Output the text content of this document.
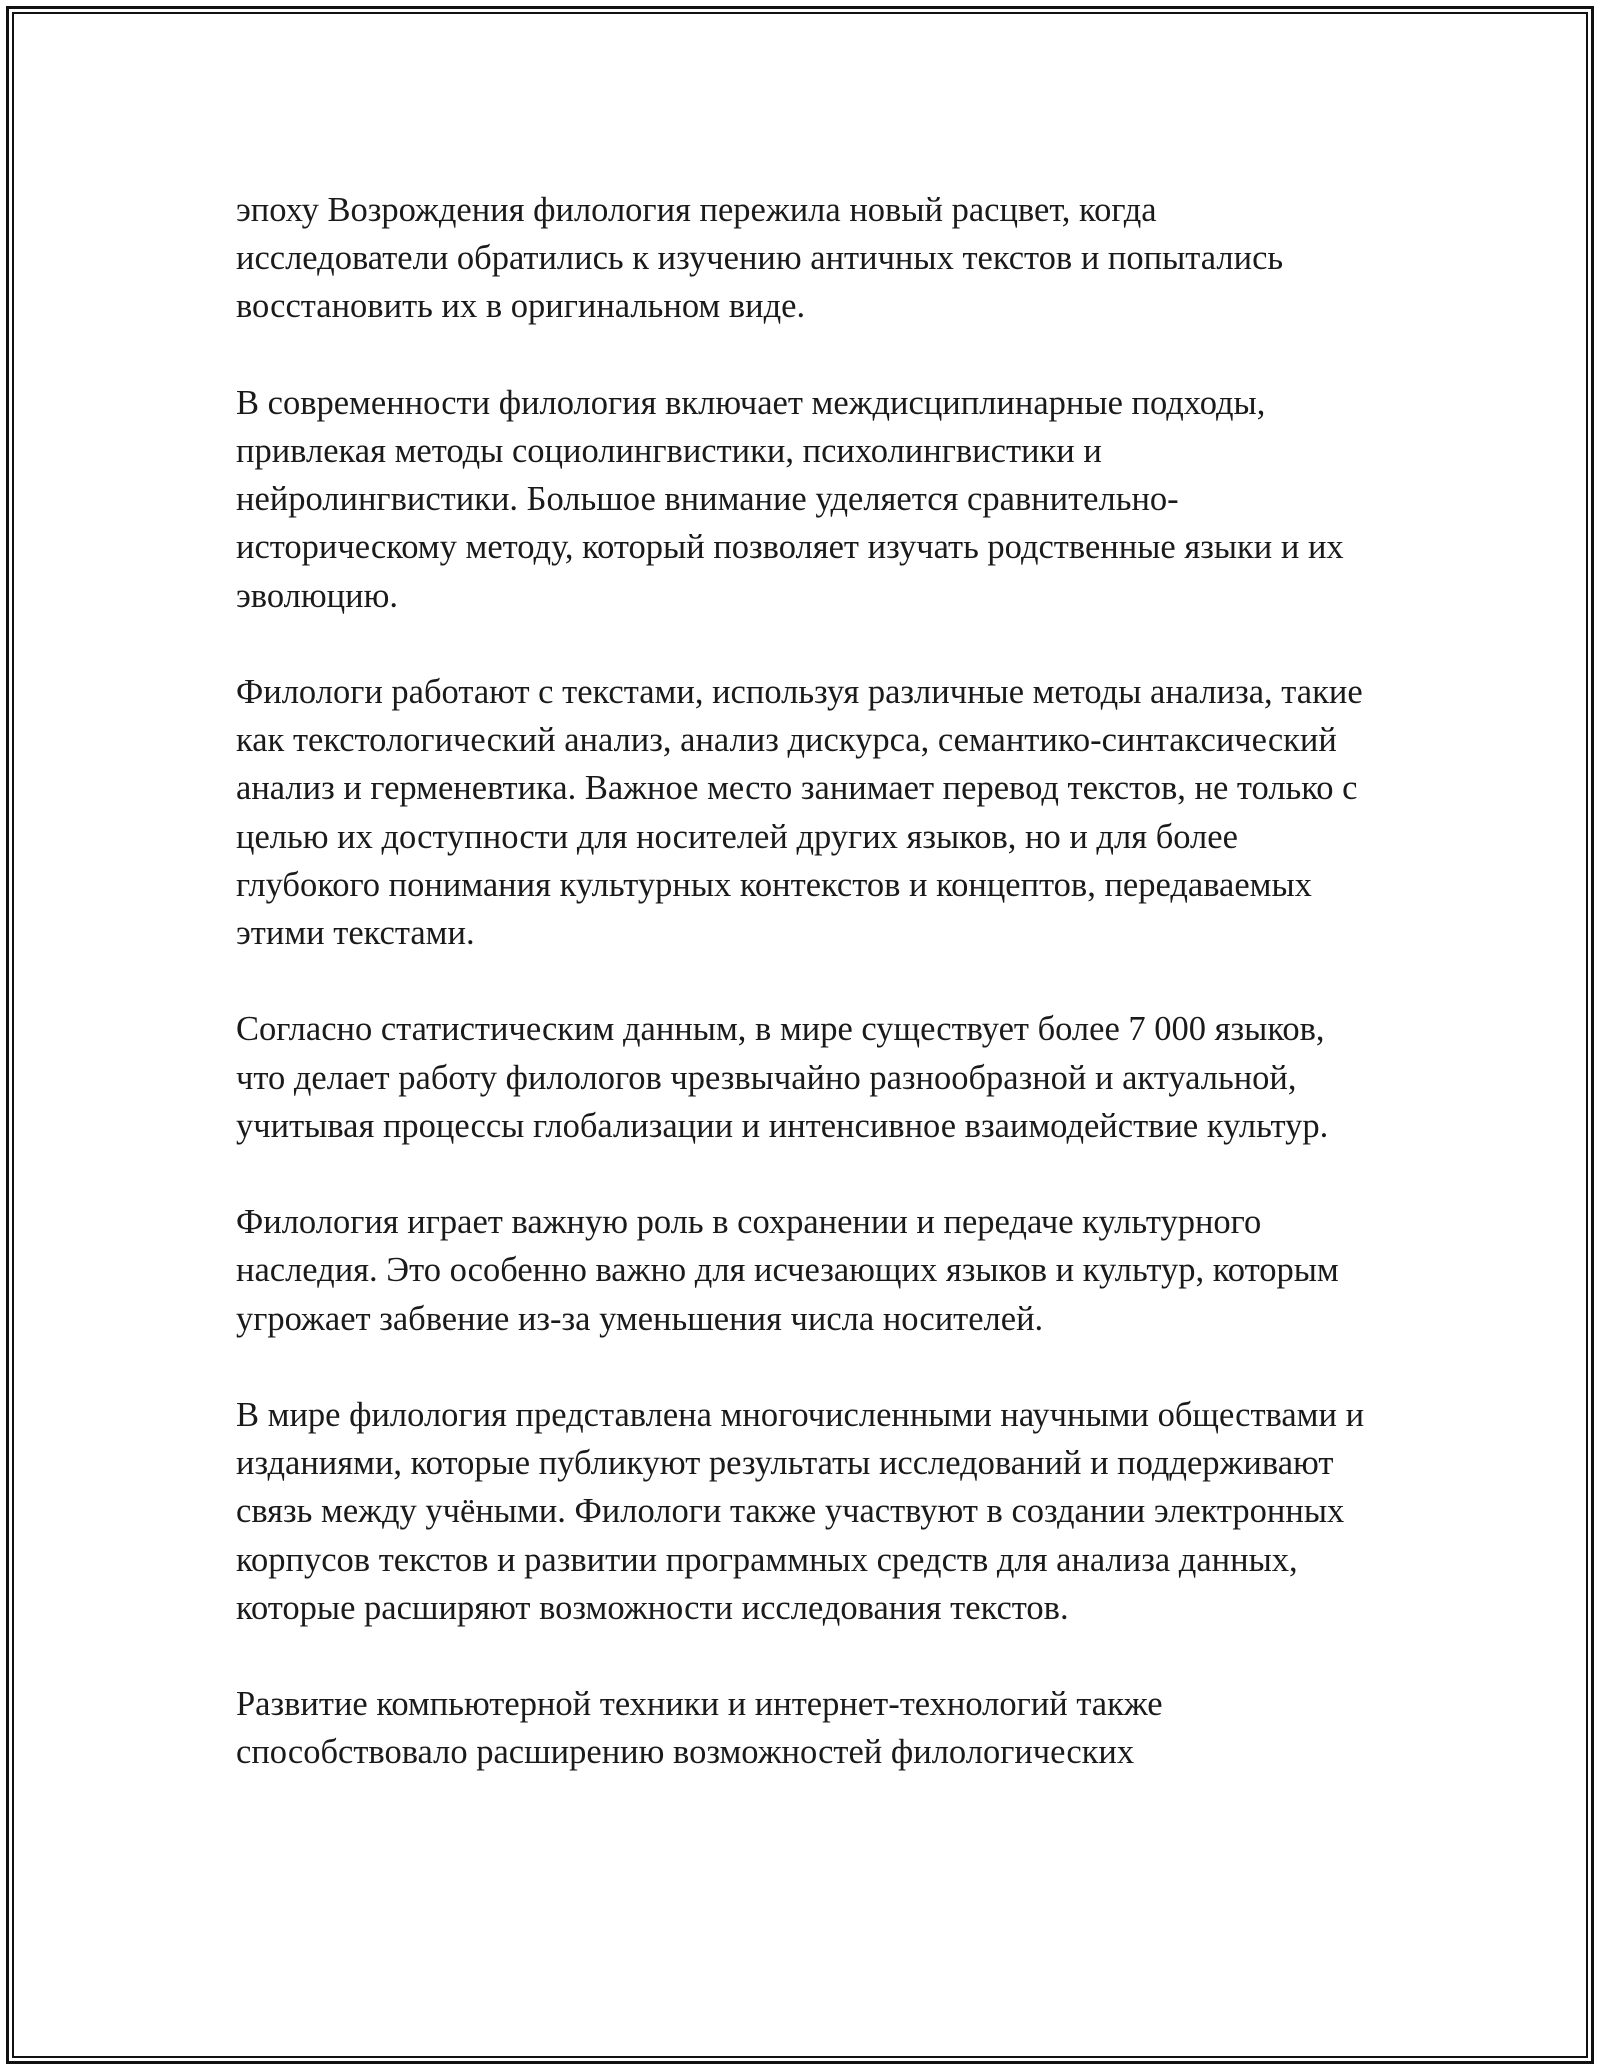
эпоху Возрождения филология пережила новый расцвет, когда исследователи обратились к изучению античных текстов и попытались восстановить их в оригинальном виде.

В современности филология включает междисциплинарные подходы, привлекая методы социолингвистики, психолингвистики и нейролингвистики. Большое внимание уделяется сравнительно-историческому методу, который позволяет изучать родственные языки и их эволюцию.

Филологи работают с текстами, используя различные методы анализа, такие как текстологический анализ, анализ дискурса, семантико-синтаксический анализ и герменевтика. Важное место занимает перевод текстов, не только с целью их доступности для носителей других языков, но и для более глубокого понимания культурных контекстов и концептов, передаваемых этими текстами.

Согласно статистическим данным, в мире существует более 7 000 языков, что делает работу филологов чрезвычайно разнообразной и актуальной, учитывая процессы глобализации и интенсивное взаимодействие культур.

Филология играет важную роль в сохранении и передаче культурного наследия. Это особенно важно для исчезающих языков и культур, которым угрожает забвение из-за уменьшения числа носителей.

В мире филология представлена многочисленными научными обществами и изданиями, которые публикуют результаты исследований и поддерживают связь между учёными. Филологи также участвуют в создании электронных корпусов текстов и развитии программных средств для анализа данных, которые расширяют возможности исследования текстов.

Развитие компьютерной техники и интернет-технологий также способствовало расширению возможностей филологических
